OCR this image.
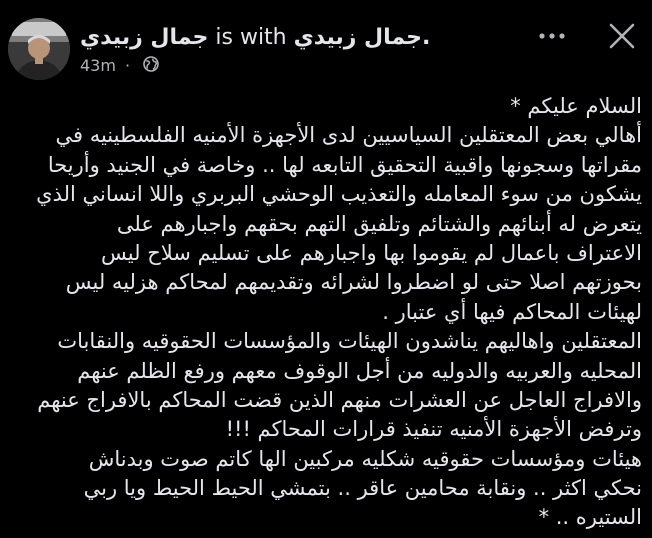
جمال زبيدي is with جمال زبيدي.
43m ·
السلام عليكم *
أهالي بعض المعتقلين السياسيين لدى الأجهزة الأمنيه الفلسطينيه في
مقراتها وسجونها واقبية التحقيق التابعه لها .. وخاصة في الجنيد وأريحا
يشكون من سوء المعامله والتعذيب الوحشي البربري واللا انساني الذي
يتعرض له أبنائهم والشتائم وتلفيق التهم بحقهم واجبارهم على
الاعتراف باعمال لم يقوموا بها واجبارهم على تسليم سلاح ليس
بحوزتهم اصلا حتى لو اضطروا لشرائه وتقديمهم لمحاكم هزليه ليس
لهيئات المحاكم فيها أي عتبار .
المعتقلين واهاليهم يناشدون الهيئات والمؤسسات الحقوقيه والنقابات
المحليه والعربيه والدوليه من أجل الوقوف معهم ورفع الظلم عنهم
والافراج العاجل عن العشرات منهم الذين قضت المحاكم بالافراج عنهم
وترفض الأجهزة الأمنيه تنفيذ قرارات المحاكم !!!
هيئات ومؤسسات حقوقيه شكليه مركبين الها كاتم صوت وبدناش
نحكي اكثر .. ونقابة محامين عاقر .. بتمشي الحيط الحيط ويا ربي
الستيره .. *
